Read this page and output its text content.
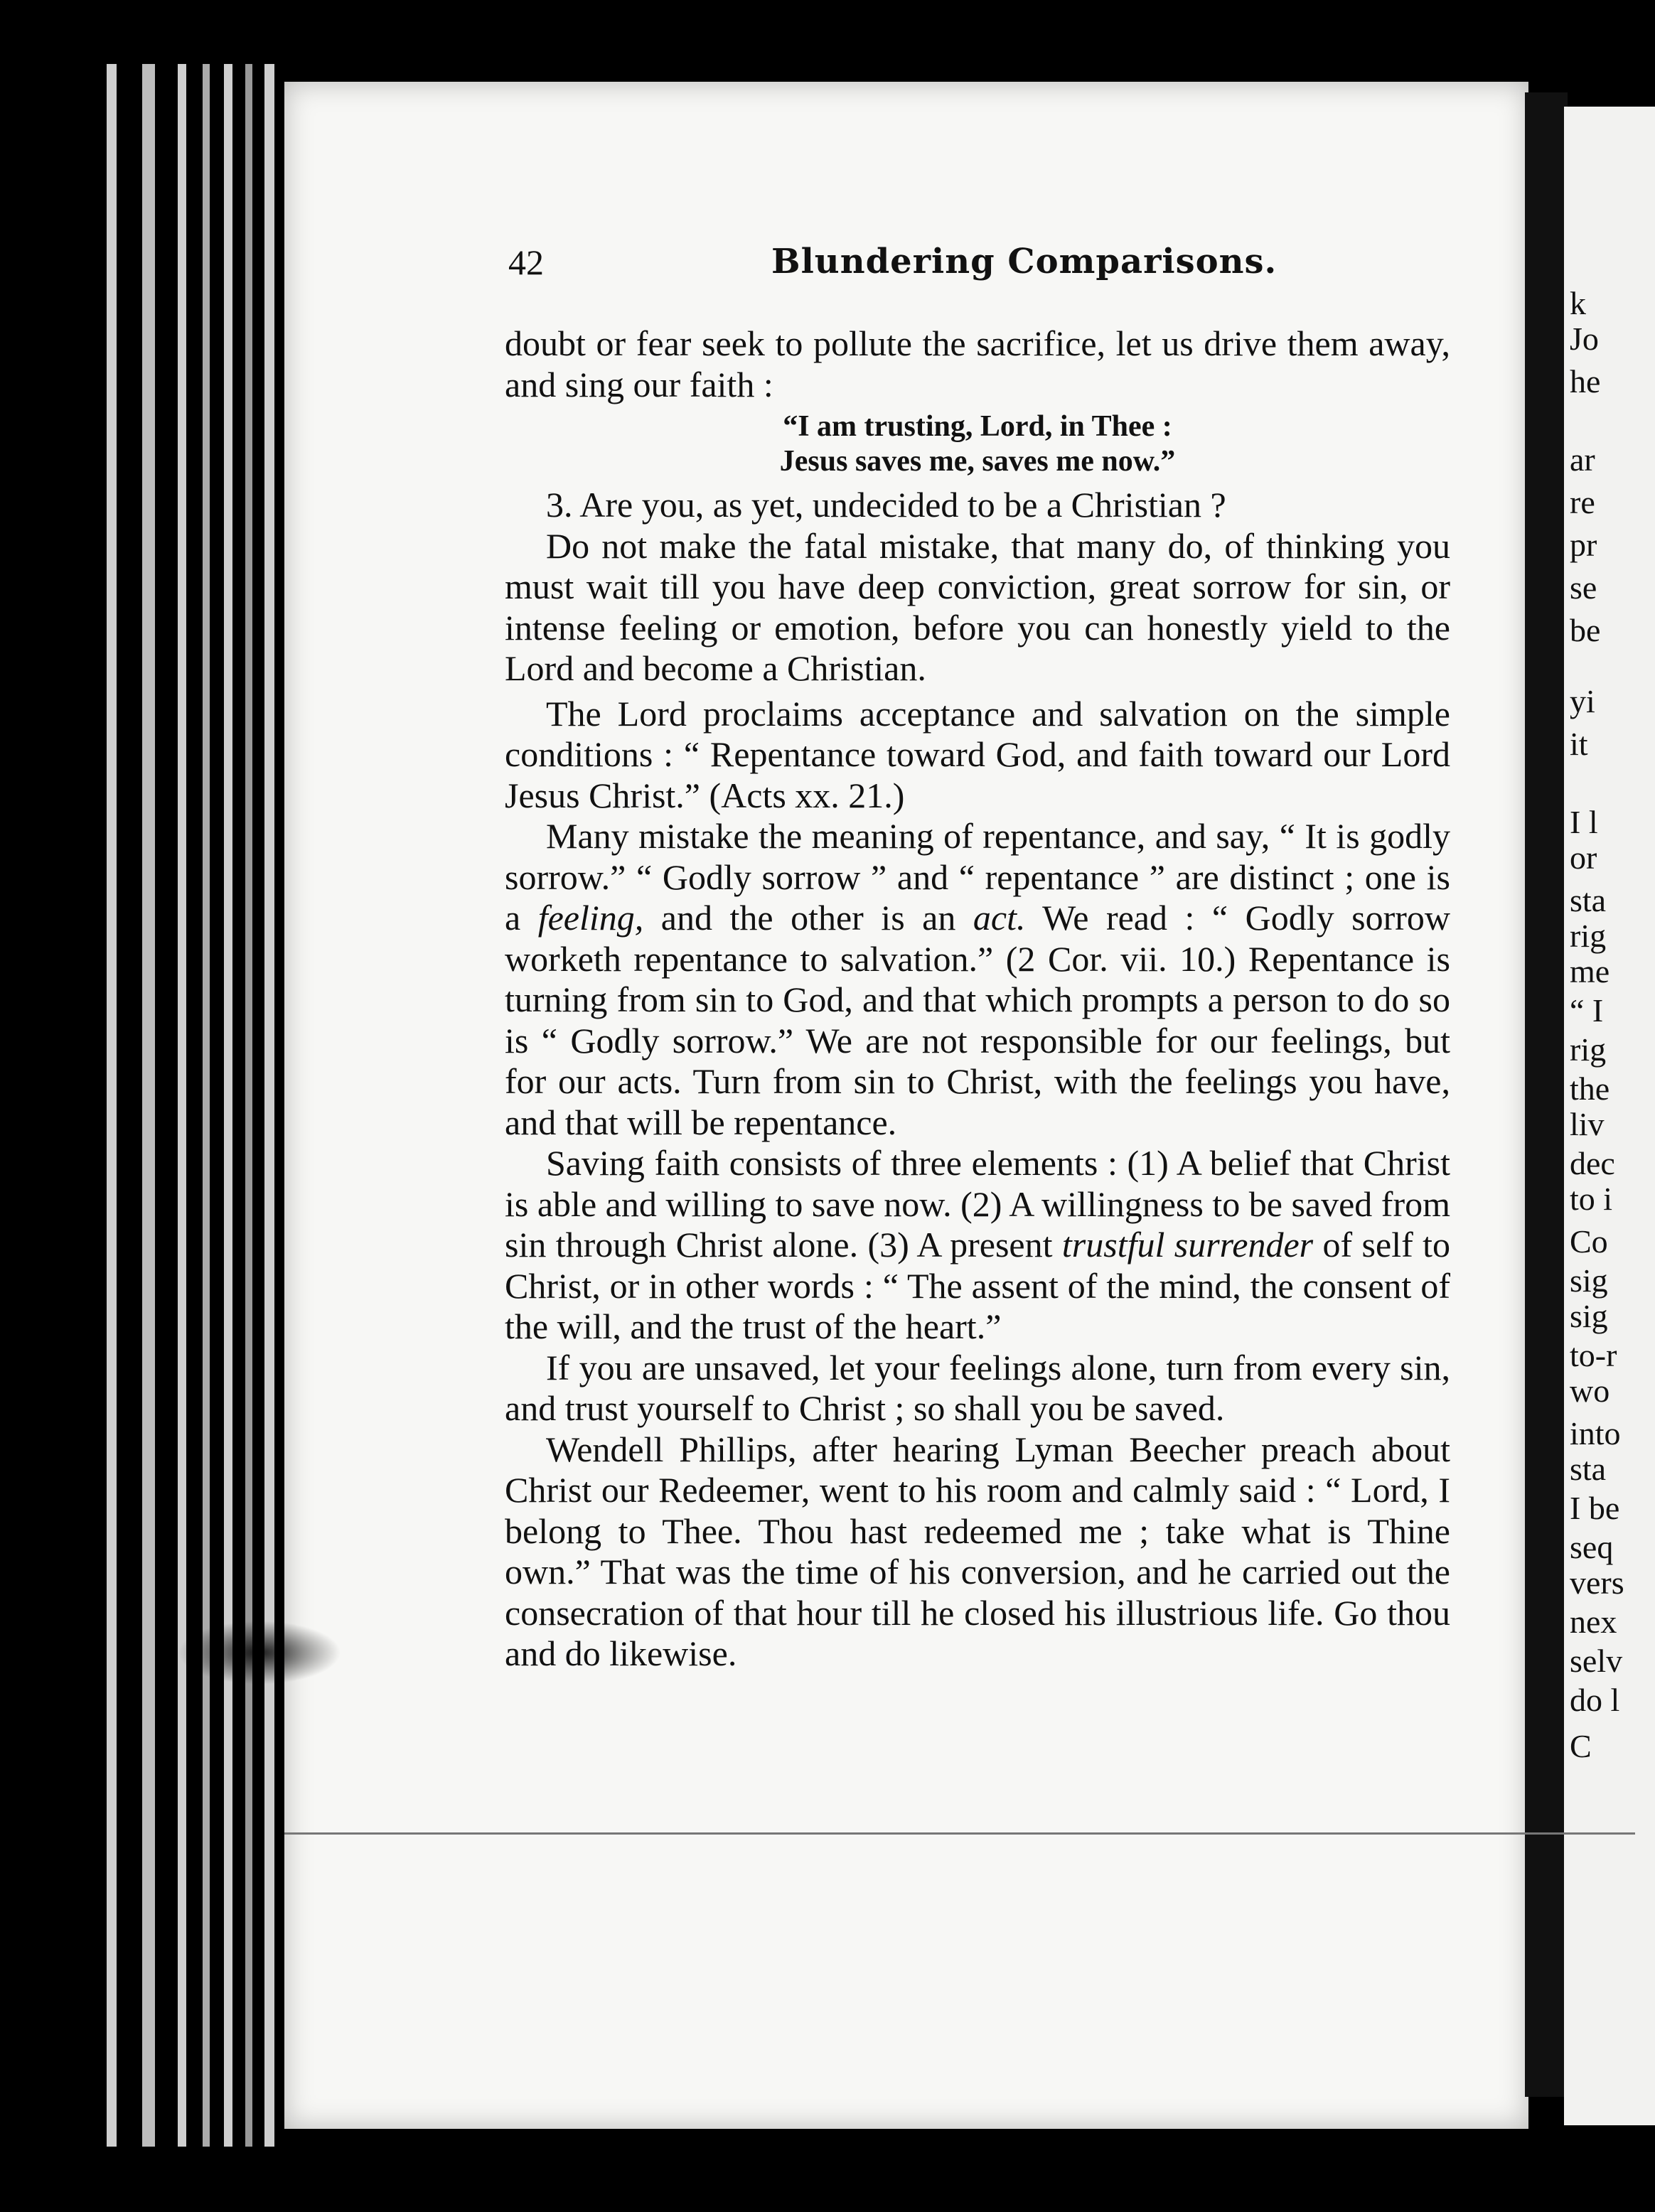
k
Jo
he
ar
re
pr
se
be
yi
it
I l
or
sta
rig
me
“ I
rig
the
liv
dec
to i
Co
sig
sig
to-r
wo
into
sta
I be
seq
vers
nex
selv
do l
C
42	Blundering Comparisons.

doubt or fear seek to pollute the sacrifice, let us drive them away, and sing our faith :

“I am trusting, Lord, in Thee :
Jesus saves me, saves me now.”

3. Are you, as yet, undecided to be a Christian ?

Do not make the fatal mistake, that many do, of thinking you must wait till you have deep conviction, great sorrow for sin, or intense feeling or emotion, before you can honestly yield to the Lord and become a Christian.

The Lord proclaims acceptance and salvation on the simple conditions : “ Repentance toward God, and faith toward our Lord Jesus Christ.” (Acts xx. 21.)

Many mistake the meaning of repentance, and say, “ It is godly sorrow.” “ Godly sorrow ” and “ repentance ” are distinct ; one is a feeling, and the other is an act. We read : “ Godly sorrow worketh repentance to salvation.” (2 Cor. vii. 10.) Repentance is turning from sin to God, and that which prompts a person to do so is “ Godly sorrow.” We are not responsible for our feelings, but for our acts. Turn from sin to Christ, with the feelings you have, and that will be repentance.

Saving faith consists of three elements : (1) A belief that Christ is able and willing to save now. (2) A willingness to be saved from sin through Christ alone. (3) A present trustful surrender of self to Christ, or in other words : “ The assent of the mind, the consent of the will, and the trust of the heart.”

If you are unsaved, let your feelings alone, turn from every sin, and trust yourself to Christ ; so shall you be saved.

Wendell Phillips, after hearing Lyman Beecher preach about Christ our Redeemer, went to his room and calmly said : “ Lord, I belong to Thee. Thou hast redeemed me ; take what is Thine own.” That was the time of his conversion, and he carried out the consecration of that hour till he closed his illustrious life. Go thou and do likewise.
